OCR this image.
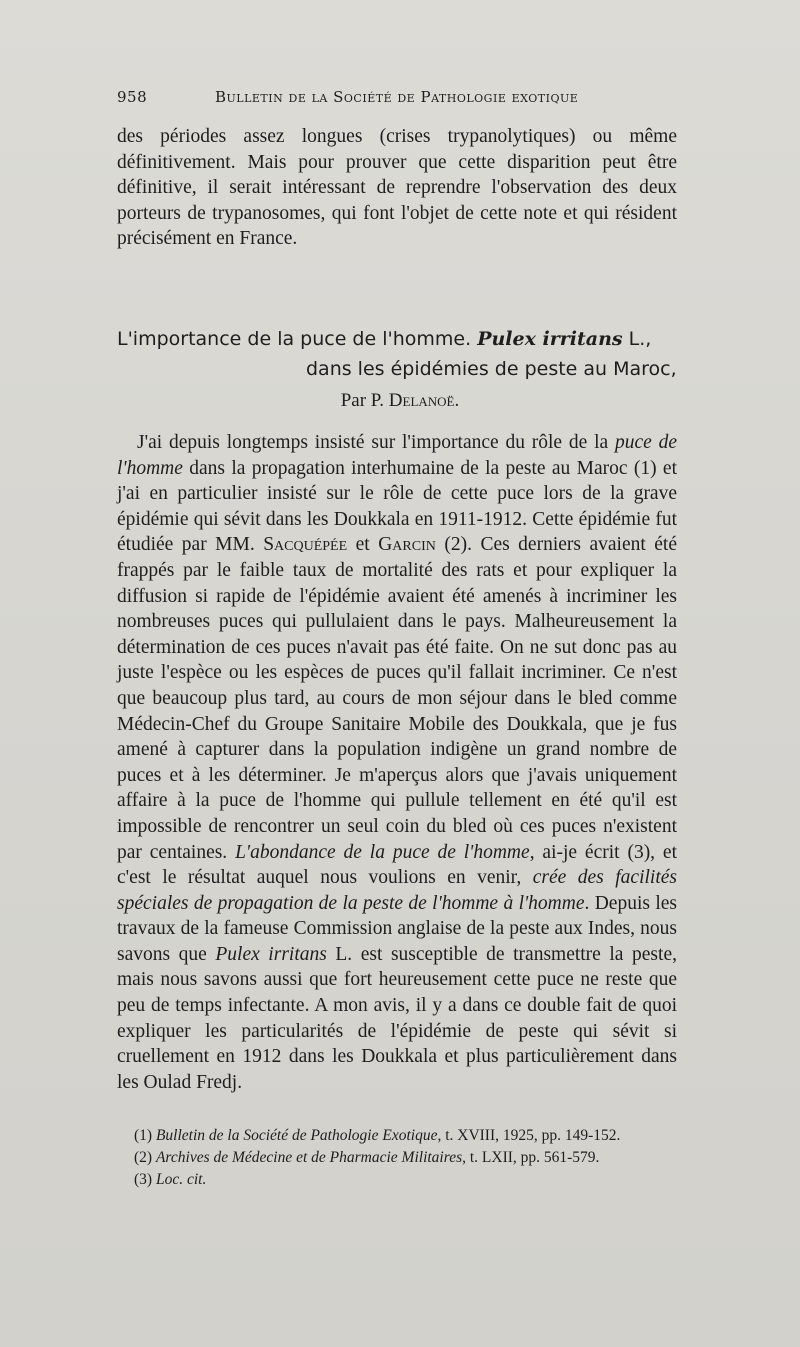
958	Bulletin de la Société de Pathologie exotique
des périodes assez longues (crises trypanolytiques) ou même définitivement. Mais pour prouver que cette disparition peut être définitive, il serait intéressant de reprendre l'observation des deux porteurs de trypanosomes, qui font l'objet de cette note et qui résident précisément en France.
L'importance de la puce de l'homme. Pulex irritans L.,
dans les épidémies de peste au Maroc,
Par P. Delanoë.
J'ai depuis longtemps insisté sur l'importance du rôle de la puce de l'homme dans la propagation interhumaine de la peste au Maroc (1) et j'ai en particulier insisté sur le rôle de cette puce lors de la grave épidémie qui sévit dans les Doukkala en 1911-1912. Cette épidémie fut étudiée par MM. Sacquépée et Garcin (2). Ces derniers avaient été frappés par le faible taux de mortalité des rats et pour expliquer la diffusion si rapide de l'épidémie avaient été amenés à incriminer les nombreuses puces qui pullulaient dans le pays. Malheureusement la détermination de ces puces n'avait pas été faite. On ne sut donc pas au juste l'espèce ou les espèces de puces qu'il fallait incriminer. Ce n'est que beaucoup plus tard, au cours de mon séjour dans le bled comme Médecin-Chef du Groupe Sanitaire Mobile des Doukkala, que je fus amené à capturer dans la population indigène un grand nombre de puces et à les déterminer. Je m'aperçus alors que j'avais uniquement affaire à la puce de l'homme qui pullule tellement en été qu'il est impossible de rencontrer un seul coin du bled où ces puces n'existent par centaines. L'abondance de la puce de l'homme, ai-je écrit (3), et c'est le résultat auquel nous voulions en venir, crée des facilités spéciales de propagation de la peste de l'homme à l'homme. Depuis les travaux de la fameuse Commission anglaise de la peste aux Indes, nous savons que Pulex irritans L. est susceptible de transmettre la peste, mais nous savons aussi que fort heureusement cette puce ne reste que peu de temps infectante. A mon avis, il y a dans ce double fait de quoi expliquer les particularités de l'épidémie de peste qui sévit si cruellement en 1912 dans les Doukkala et plus particulièrement dans les Oulad Fredj.
(1) Bulletin de la Société de Pathologie Exotique, t. XVIII, 1925, pp. 149-152.
(2) Archives de Médecine et de Pharmacie Militaires, t. LXII, pp. 561-579.
(3) Loc. cit.
